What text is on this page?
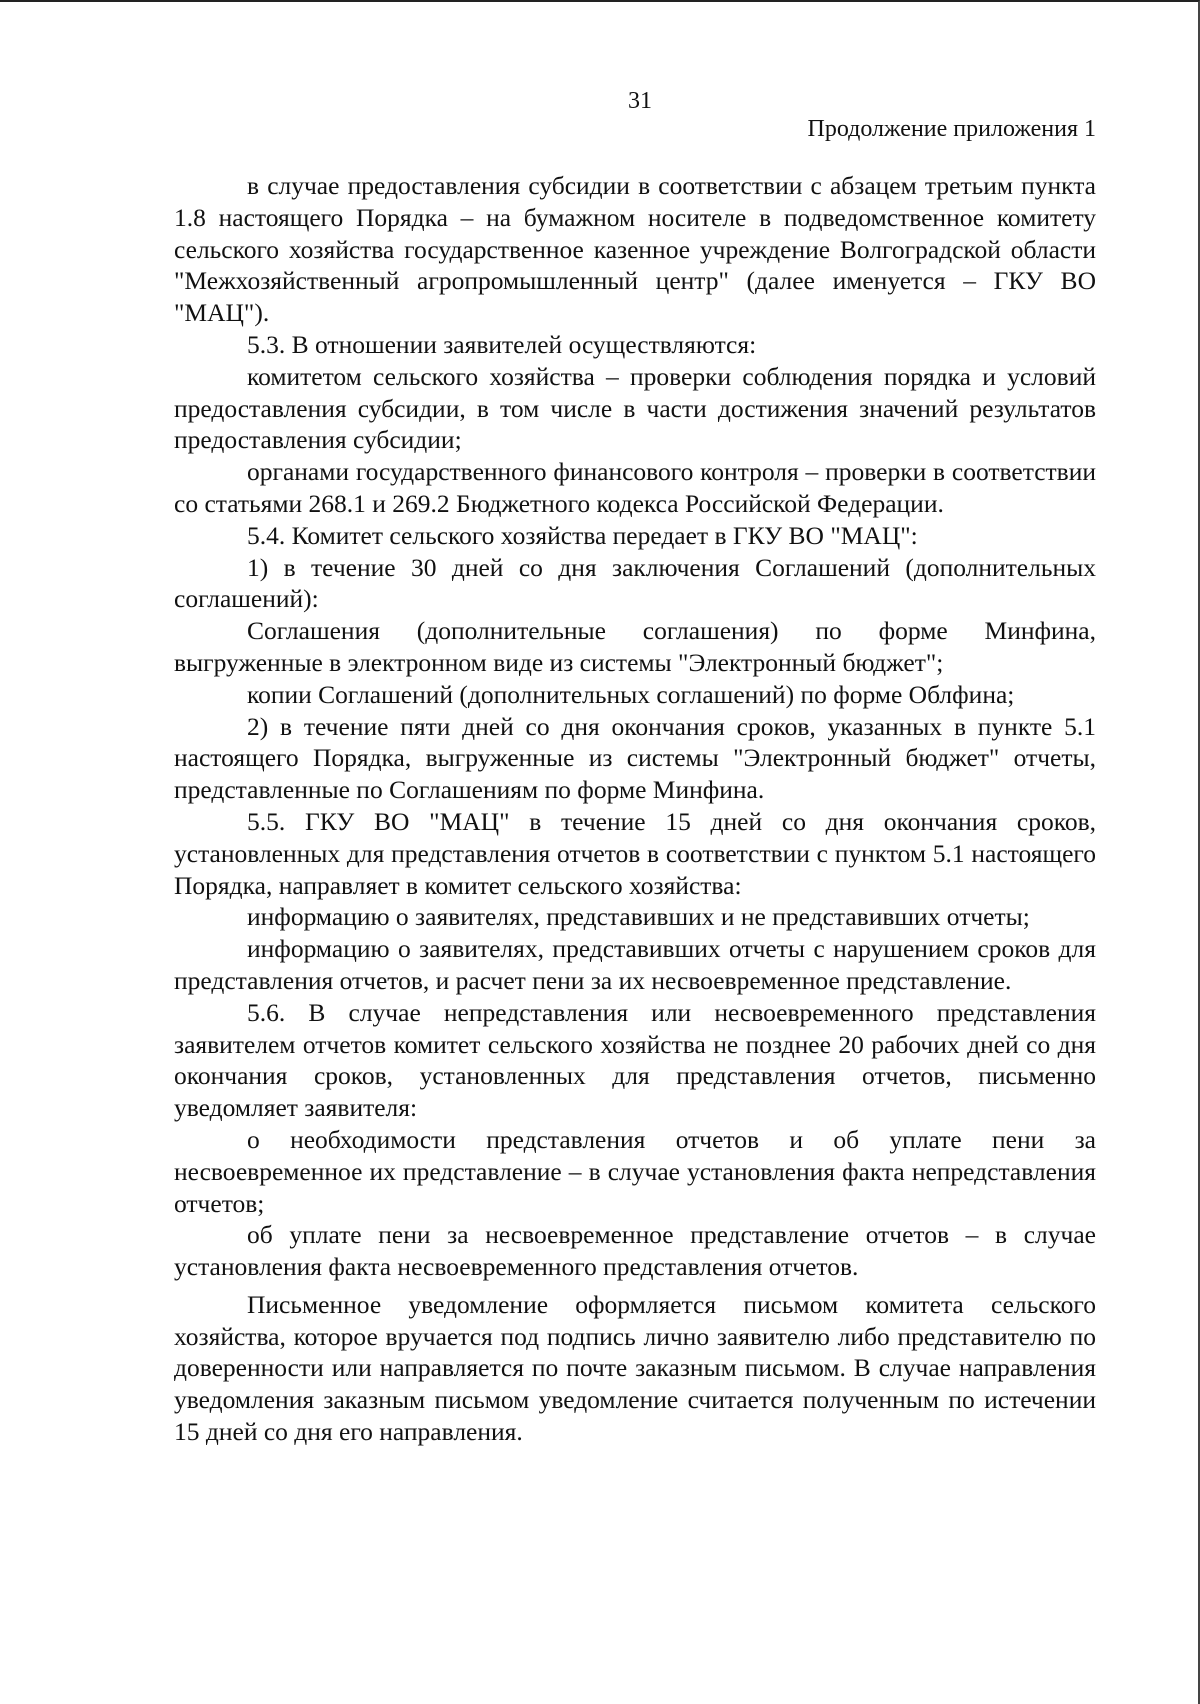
31
Продолжение приложения 1

в случае предоставления субсидии в соответствии с абзацем третьим пункта 1.8 настоящего Порядка – на бумажном носителе в подведомственное комитету сельского хозяйства государственное казенное учреждение Волгоградской области "Межхозяйственный агропромышленный центр" (далее именуется – ГКУ ВО "МАЦ").

5.3. В отношении заявителей осуществляются:

комитетом сельского хозяйства – проверки соблюдения порядка и условий предоставления субсидии, в том числе в части достижения значений результатов предоставления субсидии;

органами государственного финансового контроля – проверки в соответствии со статьями 268.1 и 269.2 Бюджетного кодекса Российской Федерации.

5.4. Комитет сельского хозяйства передает в ГКУ ВО "МАЦ":

1) в течение 30 дней со дня заключения Соглашений (дополнительных соглашений):

Соглашения (дополнительные соглашения) по форме Минфина, выгруженные в электронном виде из системы "Электронный бюджет";

копии Соглашений (дополнительных соглашений) по форме Облфина;

2) в течение пяти дней со дня окончания сроков, указанных в пункте 5.1 настоящего Порядка, выгруженные из системы "Электронный бюджет" отчеты, представленные по Соглашениям по форме Минфина.

5.5. ГКУ ВО "МАЦ" в течение 15 дней со дня окончания сроков, установленных для представления отчетов в соответствии с пунктом 5.1 настоящего Порядка, направляет в комитет сельского хозяйства:

информацию о заявителях, представивших и не представивших отчеты;

информацию о заявителях, представивших отчеты с нарушением сроков для представления отчетов, и расчет пени за их несвоевременное представление.

5.6. В случае непредставления или несвоевременного представления заявителем отчетов комитет сельского хозяйства не позднее 20 рабочих дней со дня окончания сроков, установленных для представления отчетов, письменно уведомляет заявителя:

о необходимости представления отчетов и об уплате пени за несвоевременное их представление – в случае установления факта непредставления отчетов;

об уплате пени за несвоевременное представление отчетов – в случае установления факта несвоевременного представления отчетов.

Письменное уведомление оформляется письмом комитета сельского хозяйства, которое вручается под подпись лично заявителю либо представителю по доверенности или направляется по почте заказным письмом. В случае направления уведомления заказным письмом уведомление считается полученным по истечении 15 дней со дня его направления.
